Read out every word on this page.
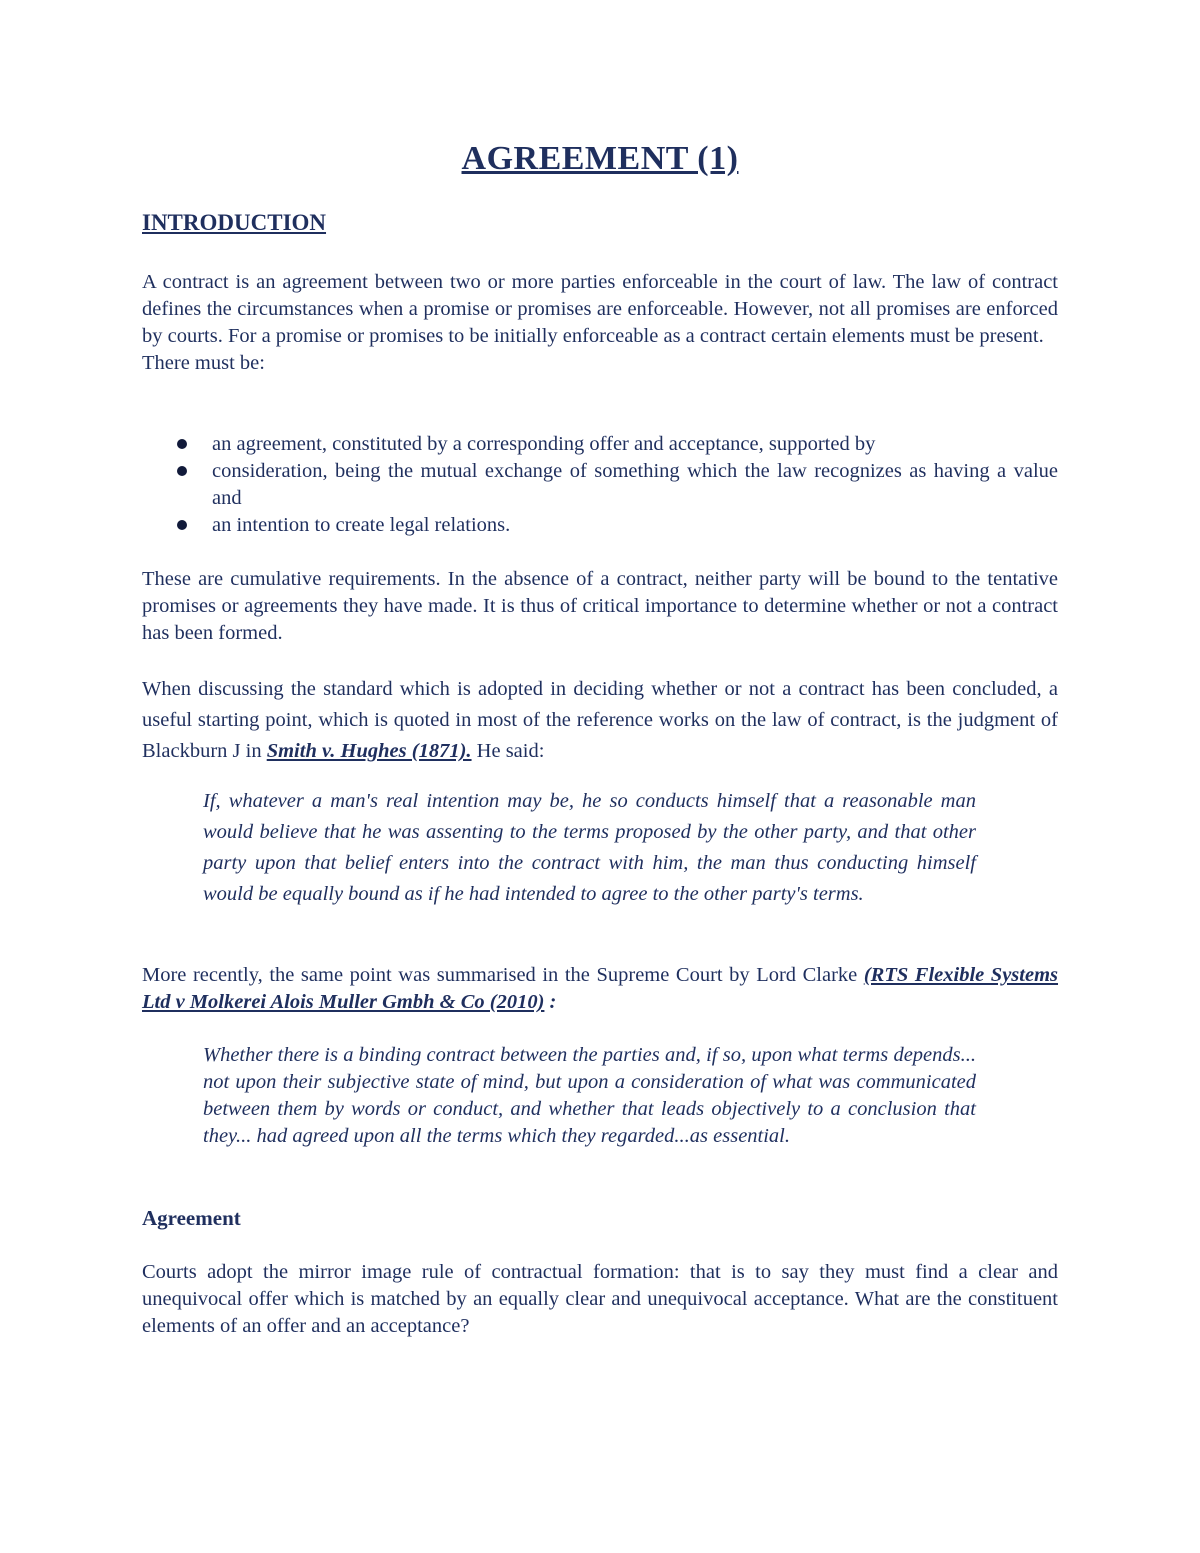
AGREEMENT (1)
INTRODUCTION

A contract is an agreement between two or more parties enforceable in the court of law. The law of contract defines the circumstances when a promise or promises are enforceable. However, not all promises are enforced by courts. For a promise or promises to be initially enforceable as a contract certain elements must be present.
There must be:

an agreement, constituted by a corresponding offer and acceptance, supported by
consideration, being the mutual exchange of something which the law recognizes as having a value and
an intention to create legal relations.

These are cumulative requirements. In the absence of a contract, neither party will be bound to the tentative promises or agreements they have made. It is thus of critical importance to determine whether or not a contract has been formed.

When discussing the standard which is adopted in deciding whether or not a contract has been concluded, a useful starting point, which is quoted in most of the reference works on the law of contract, is the judgment of Blackburn J in Smith v. Hughes (1871). He said:

If, whatever a man's real intention may be, he so conducts himself that a reasonable man would believe that he was assenting to the terms proposed by the other party, and that other party upon that belief enters into the contract with him, the man thus conducting himself would be equally bound as if he had intended to agree to the other party's terms.

More recently, the same point was summarised in the Supreme Court by Lord Clarke (RTS Flexible Systems Ltd v Molkerei Alois Muller Gmbh & Co (2010) :

Whether there is a binding contract between the parties and, if so, upon what terms depends... not upon their subjective state of mind, but upon a consideration of what was communicated between them by words or conduct, and whether that leads objectively to a conclusion that they... had agreed upon all the terms which they regarded...as essential.

Agreement

Courts adopt the mirror image rule of contractual formation: that is to say they must find a clear and unequivocal offer which is matched by an equally clear and unequivocal acceptance. What are the constituent elements of an offer and an acceptance?
